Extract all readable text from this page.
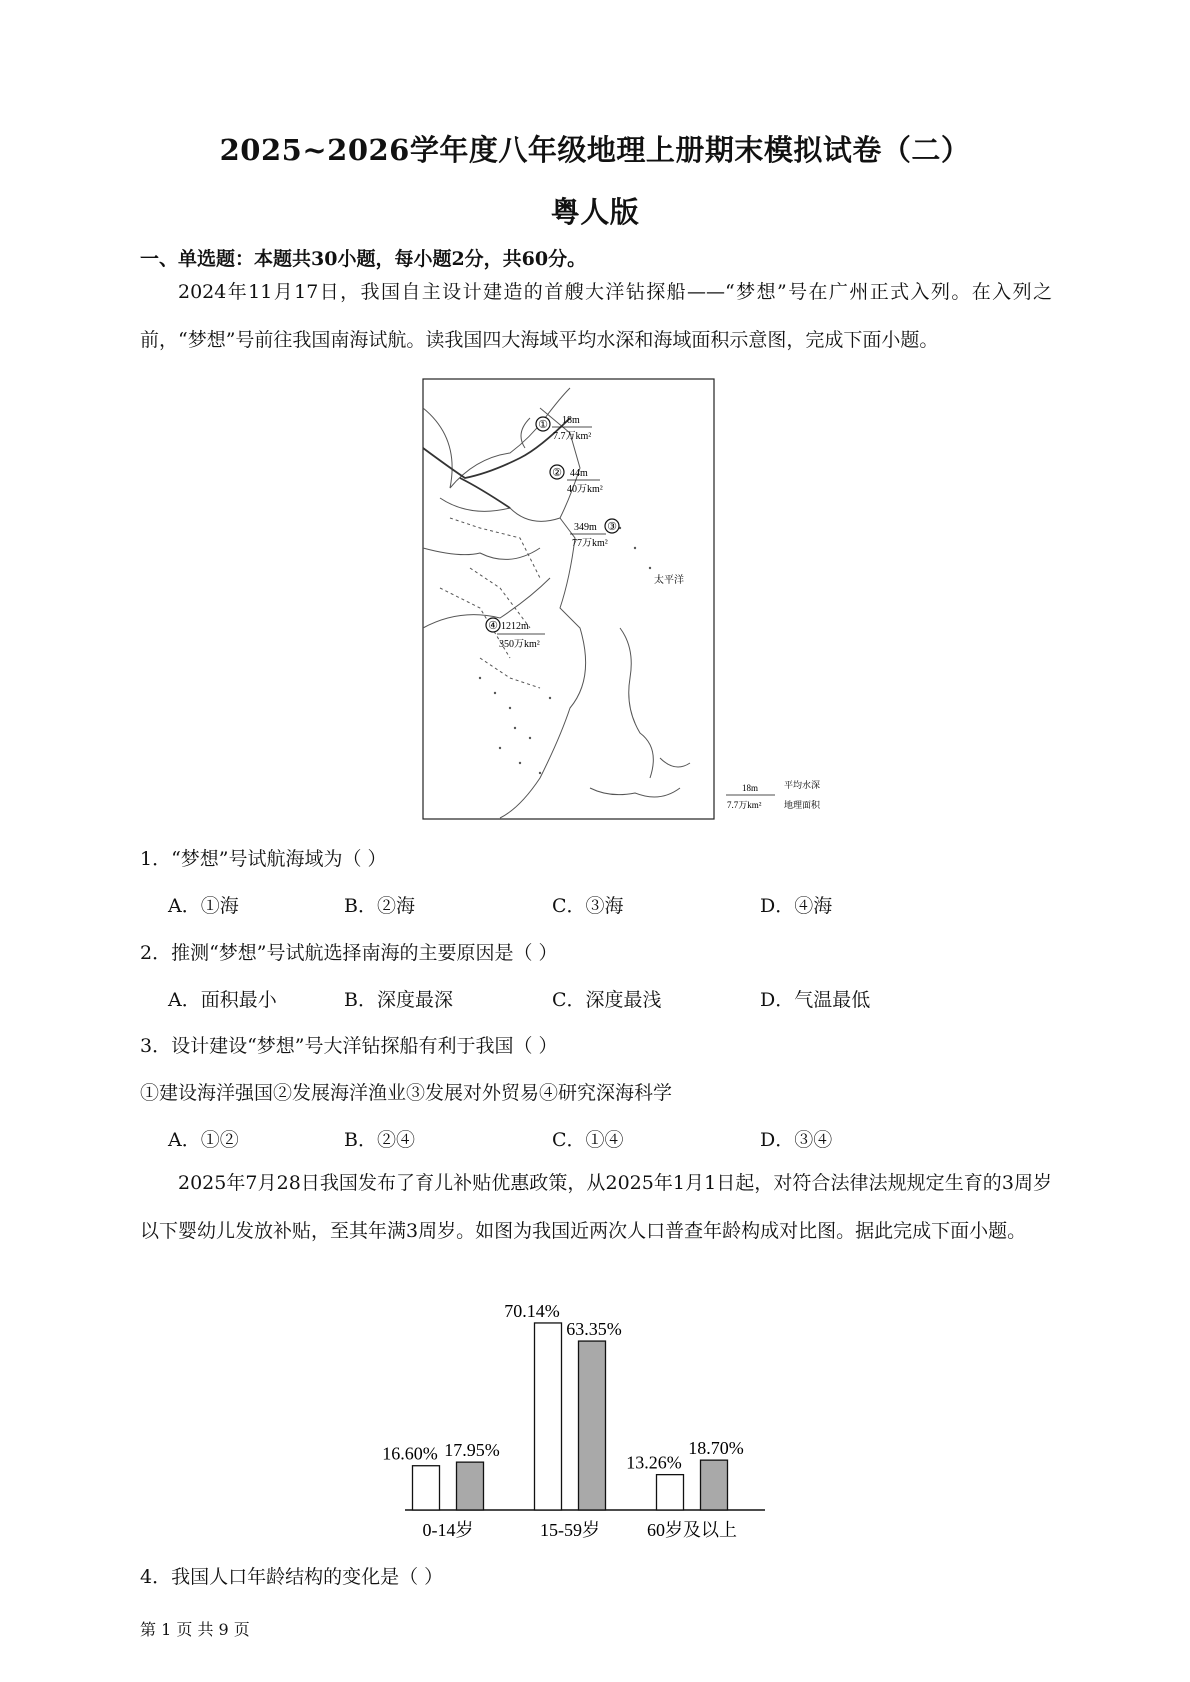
2025~2026学年度八年级地理上册期末模拟试卷（二）
粤人版
一、单选题：本题共30小题，每小题2分，共60分。
2024年11月17日，我国自主设计建造的首艘大洋钻探船——“梦想”号在广州正式入列。在入列之前，“梦想”号前往我国南海试航。读我国四大海域平均水深和海域面积示意图，完成下面小题。
① 18m
7.7万km²
② 44m
40万km²
349m ③
77万km²
④ 1212m
350万km²
太平洋
18m
7.7万km²
平均水深
地理面积
1．“梦想”号试航海域为（ ）
A．①海	B．②海	C．③海	D．④海
2．推测“梦想”号试航选择南海的主要原因是（ ）
A．面积最小	B．深度最深	C．深度最浅	D．气温最低
3．设计建设“梦想”号大洋钻探船有利于我国（ ）
①建设海洋强国②发展海洋渔业③发展对外贸易④研究深海科学
A．①②	B．②④	C．①④	D．③④
2025年7月28日我国发布了育儿补贴优惠政策，从2025年1月1日起，对符合法律法规规定生育的3周岁以下婴幼儿发放补贴，至其年满3周岁。如图为我国近两次人口普查年龄构成对比图。据此完成下面小题。
16.60% 17.95%
0-14岁
70.14%
63.35%
15-59岁
13.26%
18.70%
60岁及以上
4．我国人口年龄结构的变化是（ ）
第 1 页 共 9 页
